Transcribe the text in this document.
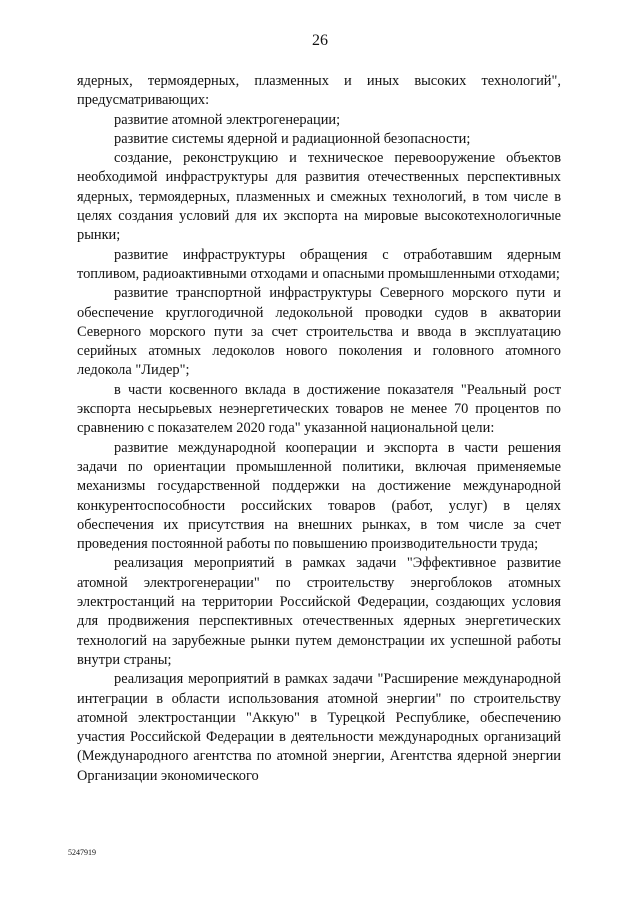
26

ядерных, термоядерных, плазменных и иных высоких технологий", предусматривающих:

развитие атомной электрогенерации;

развитие системы ядерной и радиационной безопасности;

создание, реконструкцию и техническое перевооружение объектов необходимой инфраструктуры для развития отечественных перспективных ядерных, термоядерных, плазменных и смежных технологий, в том числе в целях создания условий для их экспорта на мировые высокотехнологичные рынки;

развитие инфраструктуры обращения с отработавшим ядерным топливом, радиоактивными отходами и опасными промышленными отходами;

развитие транспортной инфраструктуры Северного морского пути и обеспечение круглогодичной ледокольной проводки судов в акватории Северного морского пути за счет строительства и ввода в эксплуатацию серийных атомных ледоколов нового поколения и головного атомного ледокола "Лидер";

в части косвенного вклада в достижение показателя "Реальный рост экспорта несырьевых неэнергетических товаров не менее 70 процентов по сравнению с показателем 2020 года" указанной национальной цели:

развитие международной кооперации и экспорта в части решения задачи по ориентации промышленной политики, включая применяемые механизмы государственной поддержки на достижение международной конкурентоспособности российских товаров (работ, услуг) в целях обеспечения их присутствия на внешних рынках, в том числе за счет проведения постоянной работы по повышению производительности труда;

реализация мероприятий в рамках задачи "Эффективное развитие атомной электрогенерации" по строительству энергоблоков атомных электростанций на территории Российской Федерации, создающих условия для продвижения перспективных отечественных ядерных энергетических технологий на зарубежные рынки путем демонстрации их успешной работы внутри страны;

реализация мероприятий в рамках задачи "Расширение международной интеграции в области использования атомной энергии" по строительству атомной электростанции "Аккую" в Турецкой Республике, обеспечению участия Российской Федерации в деятельности международных организаций (Международного агентства по атомной энергии, Агентства ядерной энергии Организации экономического

5247919
